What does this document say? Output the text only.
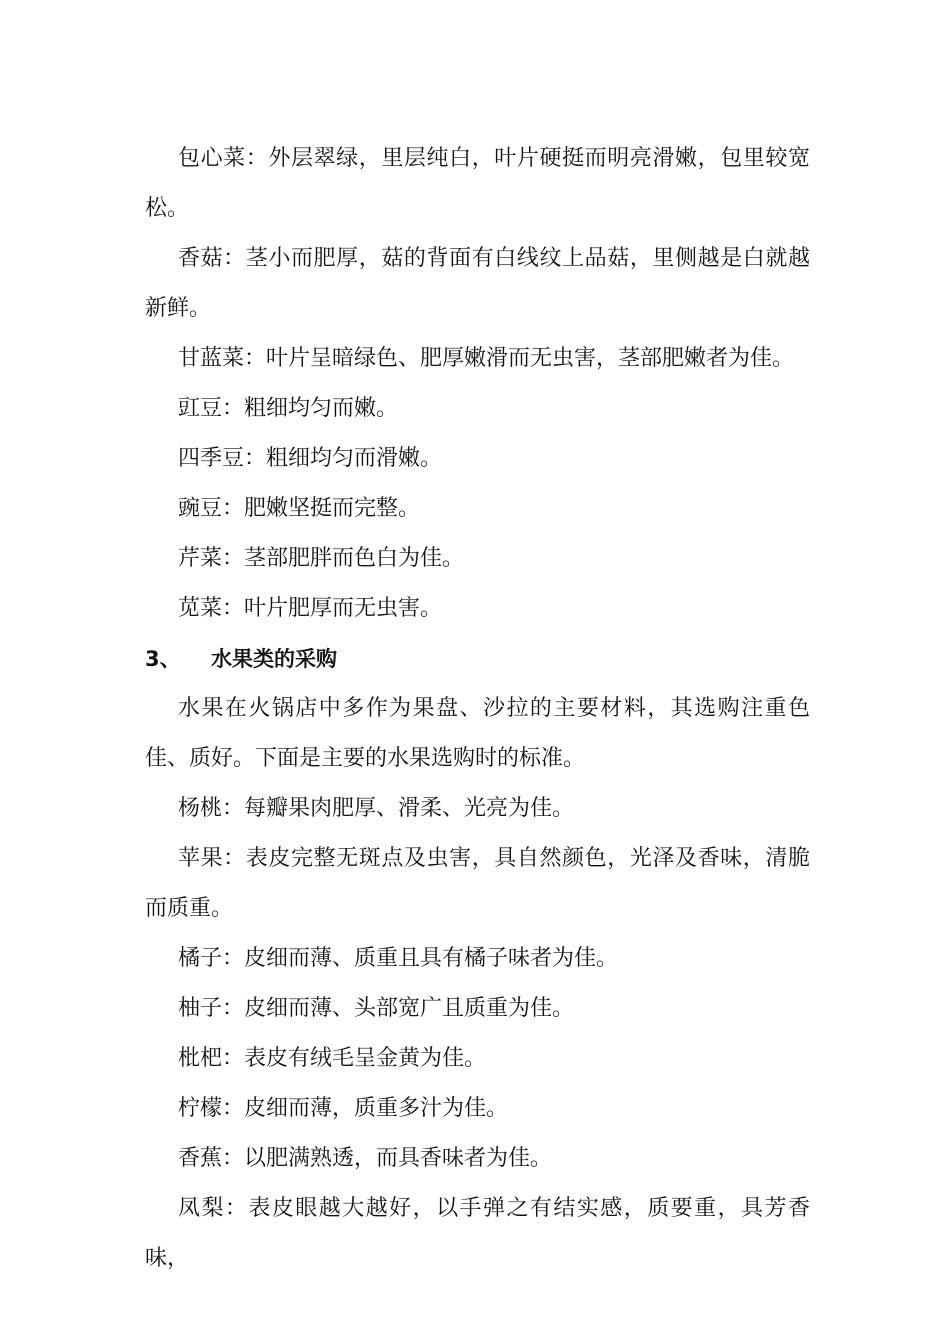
包心菜：外层翠绿，里层纯白，叶片硬挺而明亮滑嫩，包里较宽松。

香菇：茎小而肥厚，菇的背面有白线纹上品菇，里侧越是白就越新鲜。

甘蓝菜：叶片呈暗绿色、肥厚嫩滑而无虫害，茎部肥嫩者为佳。

豇豆：粗细均匀而嫩。

四季豆：粗细均匀而滑嫩。

豌豆：肥嫩坚挺而完整。

芹菜：茎部肥胖而色白为佳。

苋菜：叶片肥厚而无虫害。

3、	水果类的采购

水果在火锅店中多作为果盘、沙拉的主要材料，其选购注重色佳、质好。下面是主要的水果选购时的标准。

杨桃：每瓣果肉肥厚、滑柔、光亮为佳。

苹果：表皮完整无斑点及虫害，具自然颜色，光泽及香味，清脆而质重。

橘子：皮细而薄、质重且具有橘子味者为佳。

柚子：皮细而薄、头部宽广且质重为佳。

枇杷：表皮有绒毛呈金黄为佳。

柠檬：皮细而薄，质重多汁为佳。

香蕉：以肥满熟透，而具香味者为佳。

凤梨：表皮眼越大越好，以手弹之有结实感，质要重，具芳香味，
